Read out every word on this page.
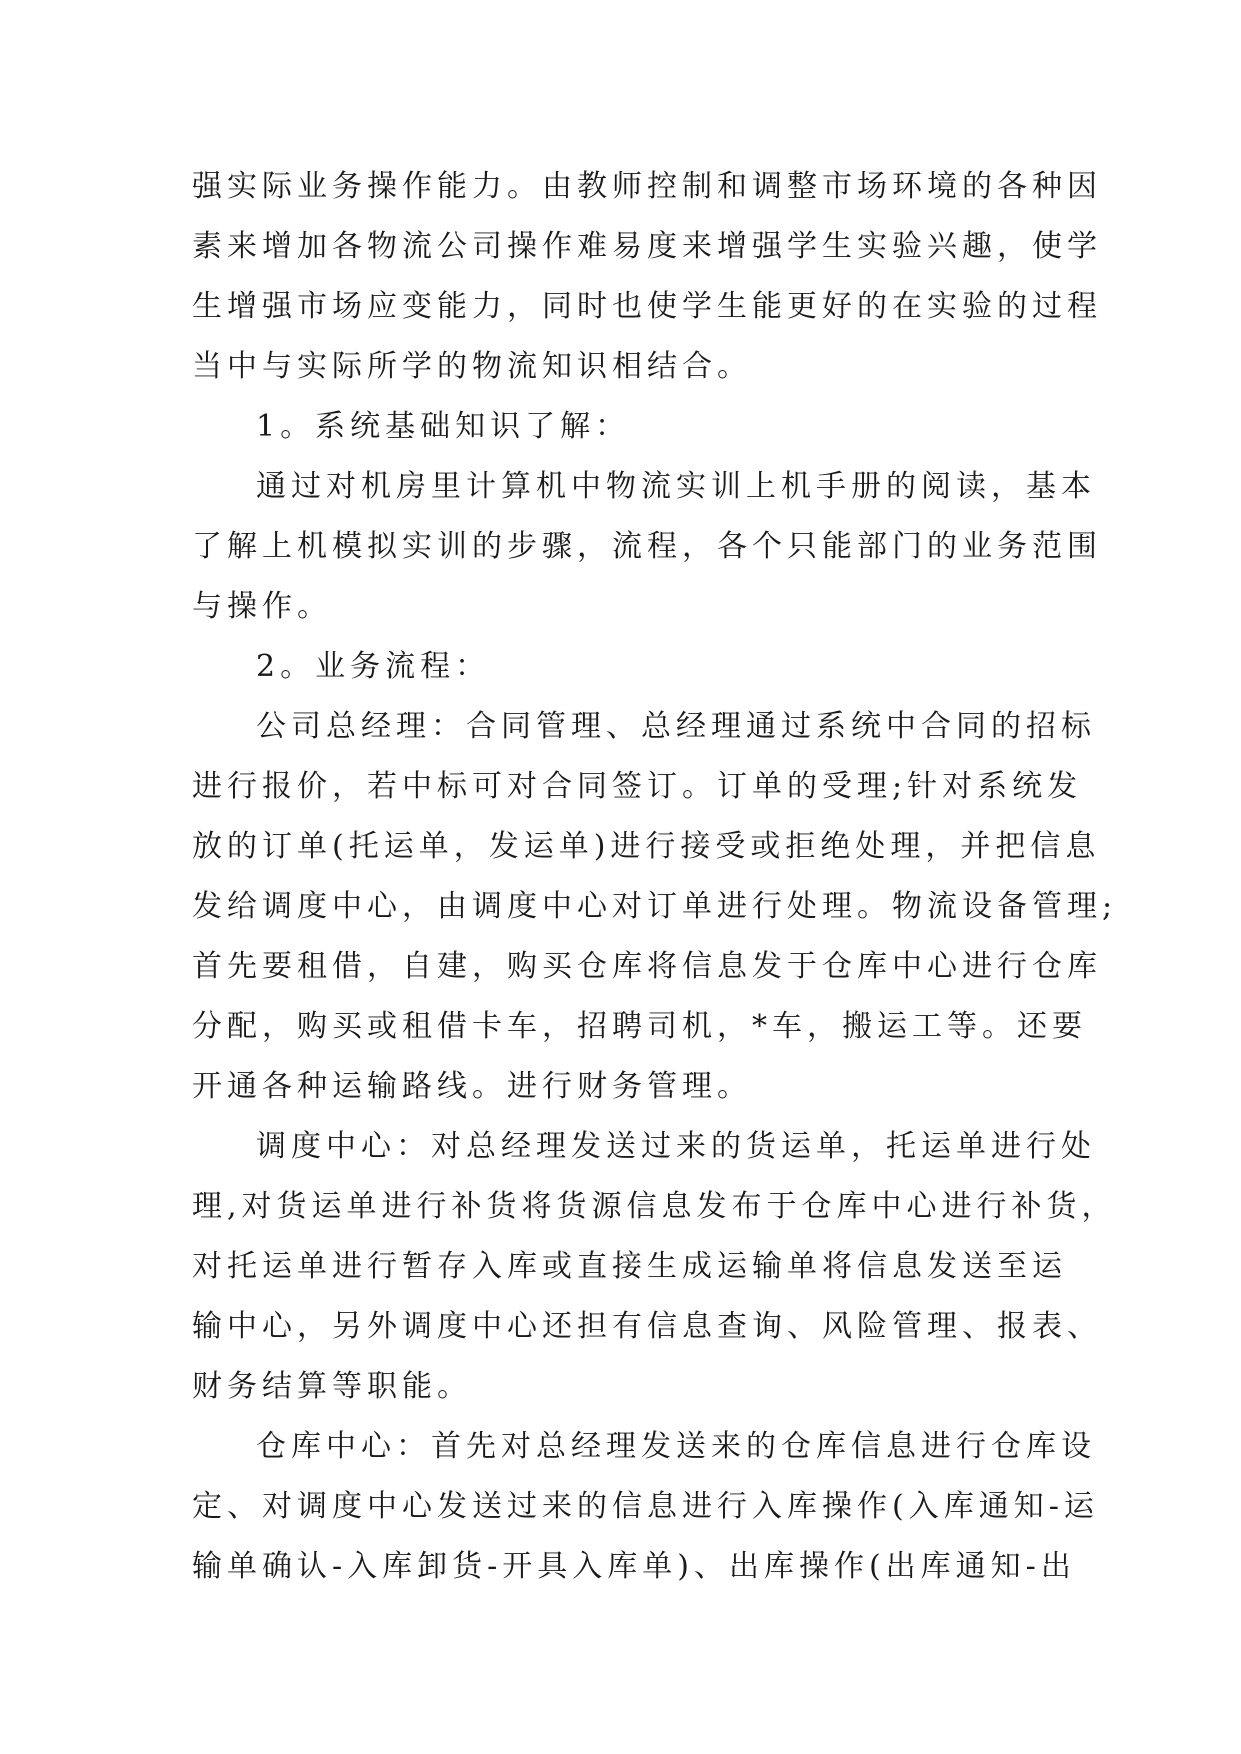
强实际业务操作能力。由教师控制和调整市场环境的各种因
素来增加各物流公司操作难易度来增强学生实验兴趣，使学
生增强市场应变能力，同时也使学生能更好的在实验的过程
当中与实际所学的物流知识相结合。

1。系统基础知识了解：

通过对机房里计算机中物流实训上机手册的阅读，基本
了解上机模拟实训的步骤，流程，各个只能部门的业务范围
与操作。

2。业务流程：

公司总经理：合同管理、总经理通过系统中合同的招标
进行报价，若中标可对合同签订。订单的受理;针对系统发
放的订单(托运单，发运单)进行接受或拒绝处理，并把信息
发给调度中心，由调度中心对订单进行处理。物流设备管理;
首先要租借，自建，购买仓库将信息发于仓库中心进行仓库
分配，购买或租借卡车，招聘司机，*车，搬运工等。还要
开通各种运输路线。进行财务管理。

调度中心：对总经理发送过来的货运单，托运单进行处
理,对货运单进行补货将货源信息发布于仓库中心进行补货，
对托运单进行暂存入库或直接生成运输单将信息发送至运
输中心，另外调度中心还担有信息查询、风险管理、报表、
财务结算等职能。

仓库中心：首先对总经理发送来的仓库信息进行仓库设
定、对调度中心发送过来的信息进行入库操作(入库通知-运
输单确认-入库卸货-开具入库单)、出库操作(出库通知-出
